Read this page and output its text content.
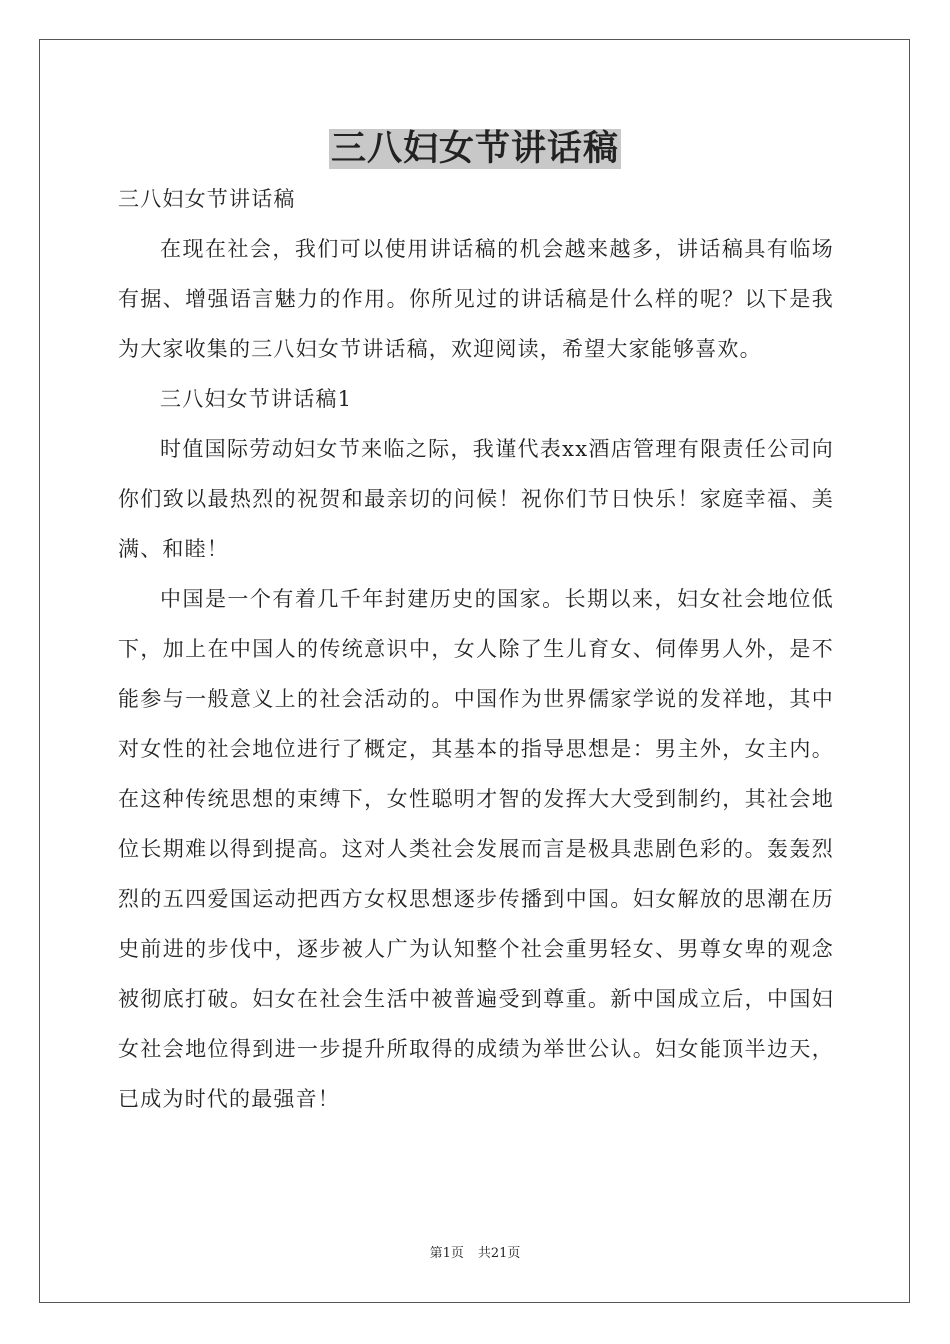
三八妇女节讲话稿

三八妇女节讲话稿

在现在社会，我们可以使用讲话稿的机会越来越多，讲话稿具有临场有据、增强语言魅力的作用。你所见过的讲话稿是什么样的呢？以下是我为大家收集的三八妇女节讲话稿，欢迎阅读，希望大家能够喜欢。

三八妇女节讲话稿1

时值国际劳动妇女节来临之际，我谨代表xx酒店管理有限责任公司向你们致以最热烈的祝贺和最亲切的问候！祝你们节日快乐！家庭幸福、美满、和睦！

中国是一个有着几千年封建历史的国家。长期以来，妇女社会地位低下，加上在中国人的传统意识中，女人除了生儿育女、伺俸男人外，是不能参与一般意义上的社会活动的。中国作为世界儒家学说的发祥地，其中对女性的社会地位进行了概定，其基本的指导思想是：男主外，女主内。在这种传统思想的束缚下，女性聪明才智的发挥大大受到制约，其社会地位长期难以得到提高。这对人类社会发展而言是极具悲剧色彩的。轰轰烈烈的五四爱国运动把西方女权思想逐步传播到中国。妇女解放的思潮在历史前进的步伐中，逐步被人广为认知整个社会重男轻女、男尊女卑的观念被彻底打破。妇女在社会生活中被普遍受到尊重。新中国成立后，中国妇女社会地位得到进一步提升所取得的成绩为举世公认。妇女能顶半边天，已成为时代的最强音！

第1页 共21页
